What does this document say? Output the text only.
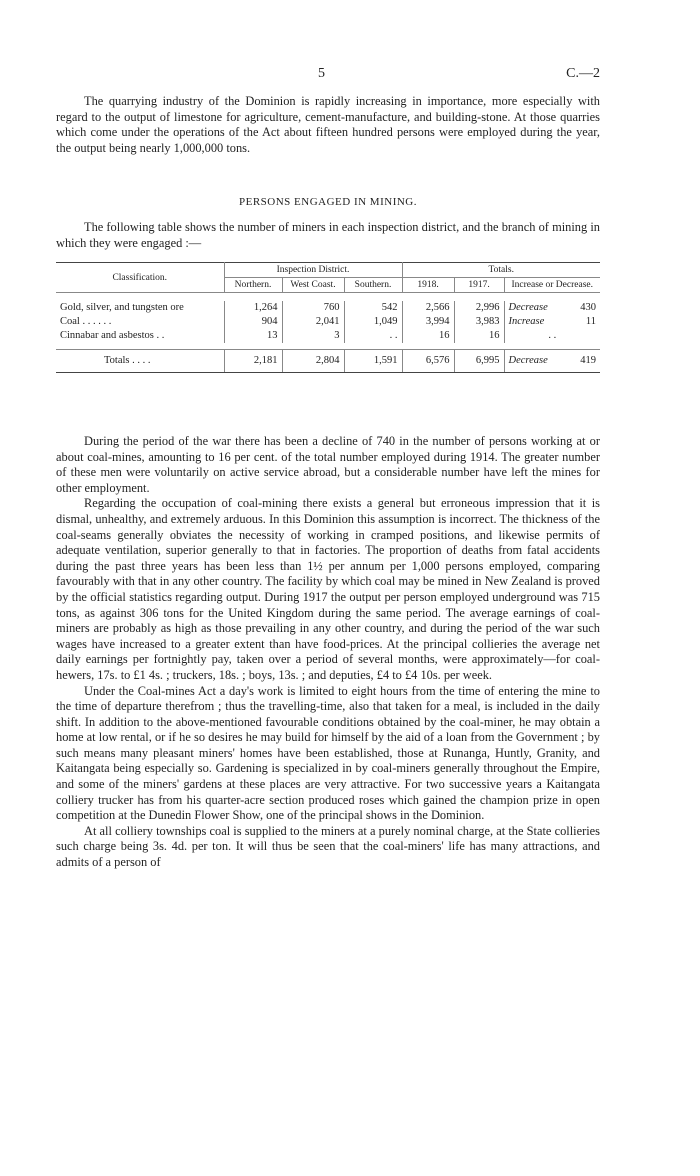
5	C.—2

The quarrying industry of the Dominion is rapidly increasing in importance, more especially with regard to the output of limestone for agriculture, cement-manufacture, and building-stone. At those quarries which come under the operations of the Act about fifteen hundred persons were employed during the year, the output being nearly 1,000,000 tons.

PERSONS ENGAGED IN MINING.

The following table shows the number of miners in each inspection district, and the branch of mining in which they were engaged :—

Classification.	Inspection District.			Totals.		
	Northern.	West Coast.	Southern.	1918.	1917.	Increase or Decrease.

Gold, silver, and tungsten ore	1,264	760	542	2,566	2,996	Decrease 430

Coal . . . . . .	904	2,041	1,049	3,994	3,983	Increase 11

Cinnabar and asbestos . .	13	3	. .	16	16	. .

Totals . . . .	2,181	2,804	1,591	6,576	6,995	Decrease 419

During the period of the war there has been a decline of 740 in the number of persons working at or about coal-mines, amounting to 16 per cent. of the total number employed during 1914. The greater number of these men were voluntarily on active service abroad, but a considerable number have left the mines for other employment.

Regarding the occupation of coal-mining there exists a general but erroneous impression that it is dismal, unhealthy, and extremely arduous. In this Dominion this assumption is incorrect. The thickness of the coal-seams generally obviates the necessity of working in cramped positions, and likewise permits of adequate ventilation, superior generally to that in factories. The proportion of deaths from fatal accidents during the past three years has been less than 1½ per annum per 1,000 persons employed, comparing favourably with that in any other country. The facility by which coal may be mined in New Zealand is proved by the official statistics regarding output. During 1917 the output per person employed underground was 715 tons, as against 306 tons for the United Kingdom during the same period. The average earnings of coal-miners are probably as high as those prevailing in any other country, and during the period of the war such wages have increased to a greater extent than have food-prices. At the principal collieries the average net daily earnings per fortnightly pay, taken over a period of several months, were approximately—for coal-hewers, 17s. to £1 4s. ; truckers, 18s. ; boys, 13s. ; and deputies, £4 to £4 10s. per week.

Under the Coal-mines Act a day's work is limited to eight hours from the time of entering the mine to the time of departure therefrom ; thus the travelling-time, also that taken for a meal, is included in the daily shift. In addition to the above-mentioned favourable conditions obtained by the coal-miner, he may obtain a home at low rental, or if he so desires he may build for himself by the aid of a loan from the Government ; by such means many pleasant miners' homes have been established, those at Runanga, Huntly, Granity, and Kaitangata being especially so. Gardening is specialized in by coal-miners generally throughout the Empire, and some of the miners' gardens at these places are very attractive. For two successive years a Kaitangata colliery trucker has from his quarter-acre section produced roses which gained the champion prize in open competition at the Dunedin Flower Show, one of the principal shows in the Dominion.

At all colliery townships coal is supplied to the miners at a purely nominal charge, at the State collieries such charge being 3s. 4d. per ton. It will thus be seen that the coal-miners' life has many attractions, and admits of a person of
